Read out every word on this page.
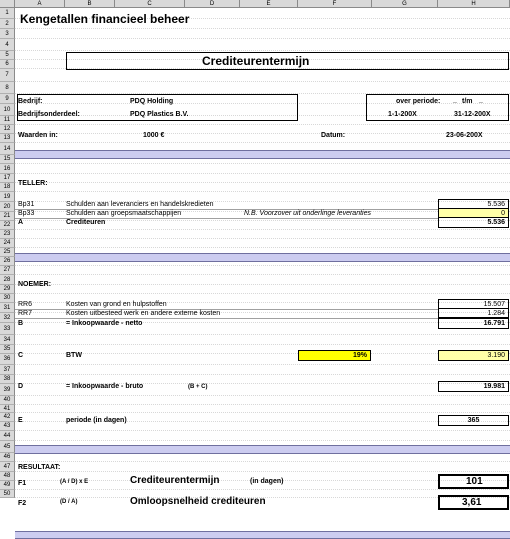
A	B	C	D	E	F	G	H
1
2
3
4
5
6
7
8
9
10
11
12
13
14
15
16
17
18
19
20
21
22
23
24
25
26
27
28
29
30
31
32
33
34
35
36
37
38
39
40
41
42
43
44
45
46
47
48
49
50
Kengetallen financieel beheer
Crediteurentermijn
Bedrijf:	PDQ Holding
Bedrijfsonderdeel:	PDQ Plastics B.V.
over periode: _ t/m _
1-1-200X	31-12-200X
Waarden in:	1000 €	Datum:	23-06-200X
TELLER:
Bp31	Schulden aan leveranciers en handelskredieten	5.536
Bp33	Schulden aan groepsmaatschappijen	N.B. Voorzover uit onderlinge leveranties	0
A	Crediteuren	5.536
NOEMER:
RR6	Kosten van grond en hulpstoffen	15.507
RR7	Kosten uitbesteed werk en andere externe kosten	1.284
B	= Inkoopwaarde - netto	16.791
C	BTW	19%	3.190
D	= Inkoopwaarde - bruto	(B + C)	19.981
E	periode (in dagen)	365
RESULTAAT:
F1	(A / D) x E	Crediteurentermijn	(in dagen)	101
F2	(D / A)	Omloopsnelheid crediteuren	3,61
